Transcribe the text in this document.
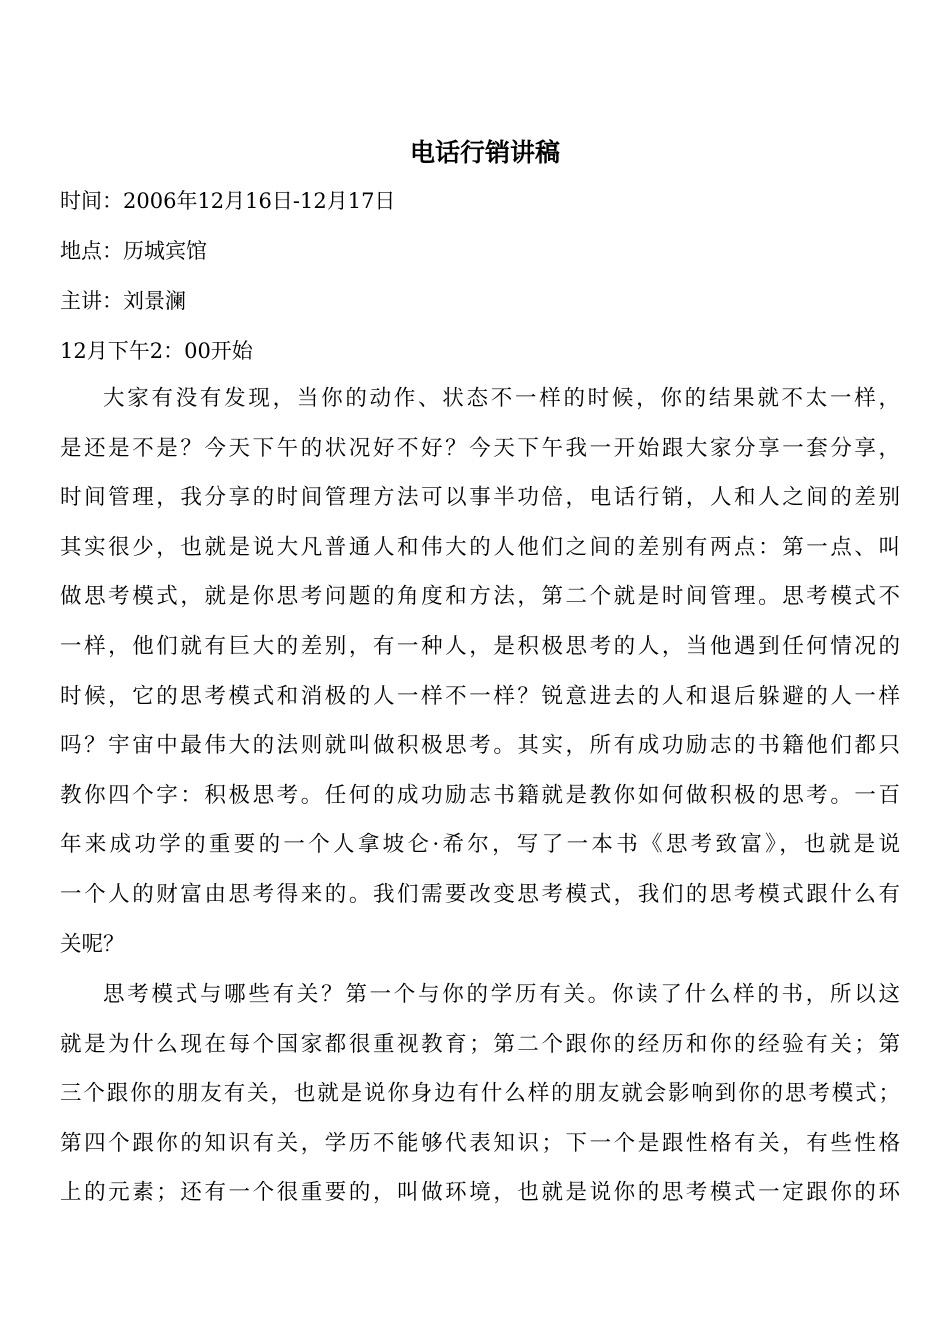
电话行销讲稿

时间：2006年12月16日-12月17日

地点：历城宾馆

主讲：刘景澜

12月下午2：00开始

大家有没有发现，当你的动作、状态不一样的时候，你的结果就不太一样，
是还是不是？今天下午的状况好不好？今天下午我一开始跟大家分享一套分享，
时间管理，我分享的时间管理方法可以事半功倍，电话行销，人和人之间的差别
其实很少，也就是说大凡普通人和伟大的人他们之间的差别有两点：第一点、叫
做思考模式，就是你思考问题的角度和方法，第二个就是时间管理。思考模式不
一样，他们就有巨大的差别，有一种人，是积极思考的人，当他遇到任何情况的
时候，它的思考模式和消极的人一样不一样？锐意进去的人和退后躲避的人一样
吗？宇宙中最伟大的法则就叫做积极思考。其实，所有成功励志的书籍他们都只
教你四个字：积极思考。任何的成功励志书籍就是教你如何做积极的思考。一百
年来成功学的重要的一个人拿坡仑·希尔，写了一本书《思考致富》，也就是说
一个人的财富由思考得来的。我们需要改变思考模式，我们的思考模式跟什么有
关呢？
思考模式与哪些有关？第一个与你的学历有关。你读了什么样的书，所以这
就是为什么现在每个国家都很重视教育；第二个跟你的经历和你的经验有关；第
三个跟你的朋友有关，也就是说你身边有什么样的朋友就会影响到你的思考模式；
第四个跟你的知识有关，学历不能够代表知识；下一个是跟性格有关，有些性格
上的元素；还有一个很重要的，叫做环境，也就是说你的思考模式一定跟你的环
